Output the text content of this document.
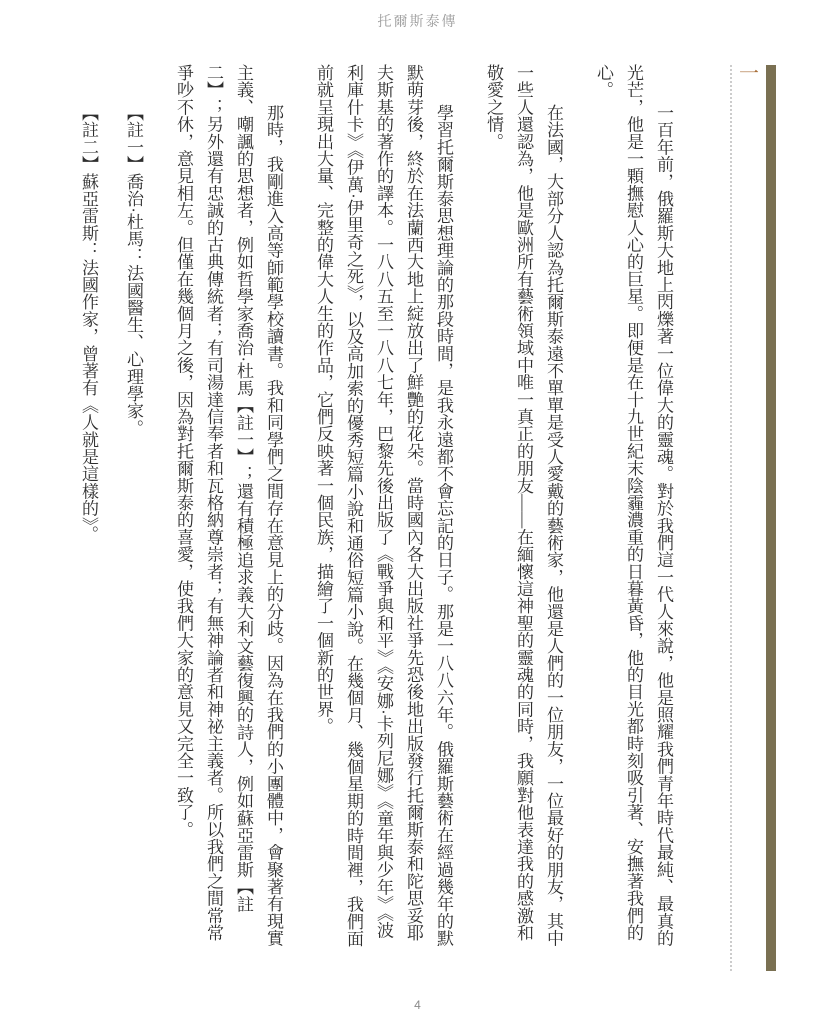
托爾斯泰傳
一

一百年前，俄羅斯大地上閃爍著一位偉大的靈魂。對於我們這一代人來說，他是照耀我們青年時代最純、最真的光芒，他是一顆撫慰人心的巨星。即便是在十九世紀末陰霾濃重的日暮黃昏，他的目光都時刻吸引著、安撫著我們的心。

在法國，大部分人認為托爾斯泰遠不單單是受人愛戴的藝術家，他還是人們的一位朋友，一位最好的朋友，其中一些人還認為，他是歐洲所有藝術領域中唯一真正的朋友——在緬懷這神聖的靈魂的同時，我願對他表達我的感激和敬愛之情。

學習托爾斯泰思想理論的那段時間，是我永遠都不會忘記的日子。那是一八八六年。俄羅斯藝術在經過幾年的默默萌芽後，終於在法蘭西大地上綻放出了鮮艷的花朵。當時國內各大出版社爭先恐後地出版發行托爾斯泰和陀思妥耶夫斯基的著作的譯本。一八八五至一八八七年，巴黎先後出版了《戰爭與和平》《安娜·卡列尼娜》《童年與少年》《波利庫什卡》《伊萬·伊里奇之死》，以及高加索的優秀短篇小說和通俗短篇小說。在幾個月、幾個星期的時間裡，我們面前就呈現出大量、完整的偉大人生的作品，它們反映著一個民族，描繪了一個新的世界。

那時，我剛進入高等師範學校讀書。我和同學們之間存在意見上的分歧。因為在我們的小團體中，會聚著有現實主義、嘲諷的思想者，例如哲學家喬治·杜馬【註一】；還有積極追求義大利文藝復興的詩人，例如蘇亞雷斯【註二】；另外還有忠誠的古典傳統者；有司湯達信奉者和瓦格納尊崇者；有無神論者和神祕主義者。所以我們之間常常爭吵不休，意見相左。但僅在幾個月之後，因為對托爾斯泰的喜愛，使我們大家的意見又完全一致了。

【註一】喬治·杜馬：法國醫生、心理學家。

【註二】蘇亞雷斯：法國作家，曾著有《人就是這樣的》。

4
